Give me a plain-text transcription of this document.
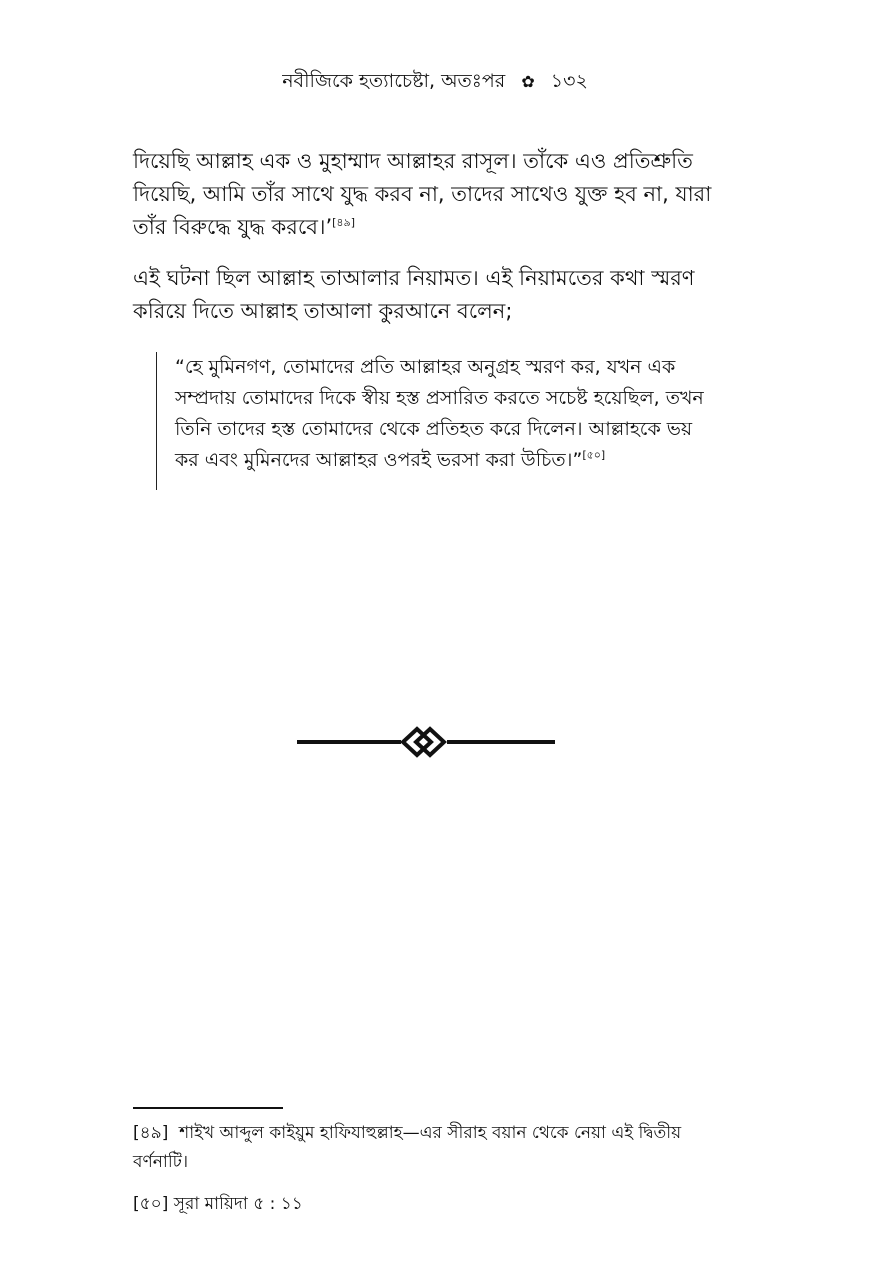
নবীজিকে হত্যাচেষ্টা, অতঃপর ✿ ১৩২

দিয়েছি আল্লাহ এক ও মুহাম্মাদ আল্লাহর রাসূল। তাঁকে এও প্রতিশ্রুতি দিয়েছি, আমি তাঁর সাথে যুদ্ধ করব না, তাদের সাথেও যুক্ত হব না, যারা তাঁর বিরুদ্ধে যুদ্ধ করবে।’[৪৯]

এই ঘটনা ছিল আল্লাহ তাআলার নিয়ামত। এই নিয়ামতের কথা স্মরণ করিয়ে দিতে আল্লাহ তাআলা কুরআনে বলেন;

“হে মুমিনগণ, তোমাদের প্রতি আল্লাহর অনুগ্রহ স্মরণ কর, যখন এক সম্প্রদায় তোমাদের দিকে স্বীয় হস্ত প্রসারিত করতে সচেষ্ট হয়েছিল, তখন তিনি তাদের হস্ত তোমাদের থেকে প্রতিহত করে দিলেন। আল্লাহকে ভয় কর এবং মুমিনদের আল্লাহর ওপরই ভরসা করা উচিত।”[৫০]

[৪৯] শাইখ আব্দুল কাইয়ুম হাফিযাহুল্লাহ—এর সীরাহ বয়ান থেকে নেয়া এই দ্বিতীয় বর্ণনাটি।

[৫০] সূরা মায়িদা ৫ : ১১
